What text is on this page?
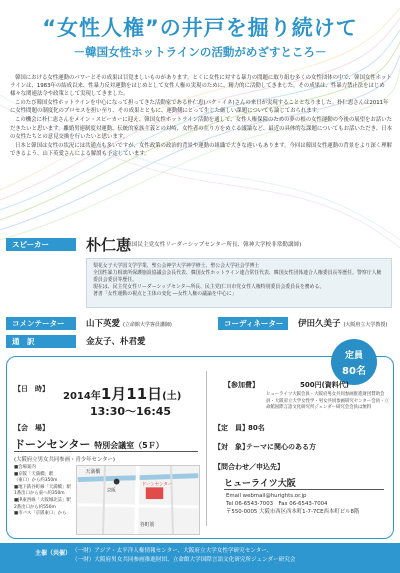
“女性人権”の井戸を掘り続けて
－韓国女性ホットラインの活動がめざすところ－

韓国における女性運動のパワーとその成果は目覚ましいものがあります。とくに女性に対する暴力の問題に取り組む多くの女性団体の中で、韓国女性ホットラインは、1983年の結成以来、性暴力反対運動をはじめとして女性人権の実現のために、精力的に活動してきました。その成果は、性暴力禁止法をはじめ様々な関連法令や政策として実現してきました。

このたび韓国女性ホットラインを中心になって担ってきた活動家である朴仁恵(パク・イネ)さんの来日が実現することとなりました。朴仁恵さんは2011年に女性問題の制度化のプロセスを担い至り、その成果とともに、運動側にとって生じた厳しい課題についても論じておられます。

この機会に朴仁恵さんをメイン・スピーカーに迎え、韓国女性ホットライン活動を通して、女性人権保障のための夢の根の女性運動の今後の展望をお話いただきたいと思います。離婚男連制度対運動、伝統的家族主義との対峙、女性者の在り方をめぐる議論など、最近の具体的な課題についてもお話いただき、日本の女性たちとの意見交換を行いたいと思います。

日本と韓国は女性の状況には共通点も多いですが、女性政策の政治的背景や運動の組織で大きな違いもあります。今回は韓国女性運動の背景をより深く理解できるよう、山下英愛さんによる解説も予定しています。

スピーカー	朴仁恵
(韓国民主党女性リーダーシップセンター所長、韓神大学校非常勤講師)
梨花女子大学国文学学業、聖公会神学大学神学修士、聖公会大学社会学博士
全国性暴力相談所保護施設協議会会長代表、韓国女性ホットライン連合常任代表、韓国女性団体連合人権委員長等歴任。警察庁人権委員会委員等歴任。
現在は、民主党女性リーダーシップセンター所長、民主党(仁川市党女性人権特別委員会委員長を務める。
著書「女性運動の視点と主体の変化 ―女性人権の議論を中心に」
コメンテーター	山下英愛 (立命館大学客員講師)	コーディネーター	伊田久美子 (大阪府立大学教授)
通　訳	金友子、朴君愛
定員
80名
【日　時】
2014年1月11日(土)
13:30～16:45
【会　場】
ドーンセンター 特別会議室（5Ｆ）
(大阪府立男女共同参画・青少年センター)
■会場案内
■京阪「天満橋」駅
（東口）から約350m
■地下鉄谷町線「天満橋」駅
1番出口から東へ約350m
■JR東西線「大阪城北詰」駅
2番出口から約550m
■市バス「京阪東口」から
天満橋
谷町筋
ドーンセンター
京阪
【参加費】	500円(資料代)
ヒューライツ大阪会員・大阪府男女共同参画推進財団賛助会員・大阪府立大学女性学・男女共同参画研究センター会員・立命館国際言語文化研究所ジェンダー研究会会員は無料
【定　員】 80名
【対　象】
テーマに関心のある方
【問合わせ／申込先】
ヒューライツ大阪
Email webmail@hurights.or.jp
Tel 06-6543-7003　Fax 06-6543-7004
〒550-0005 大阪市西区西本町1-7-7CE西本町ビル8階
主催（共催） （一財）アジア・太平洋人権情報センター、大阪府立大学女性学研究センター、
（一財）大阪府男女共同参画推進財団、立命館大学国際言語文化研究所ジェンダー研究会
